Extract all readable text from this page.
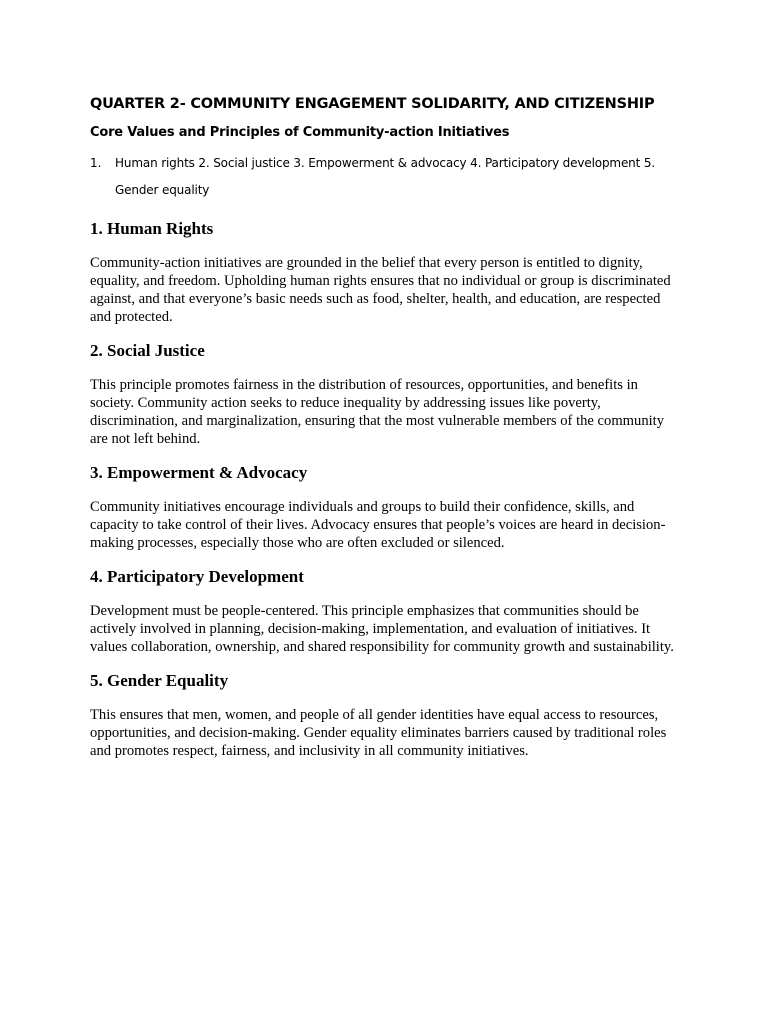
QUARTER 2- COMMUNITY ENGAGEMENT SOLIDARITY, AND CITIZENSHIP
Core Values and Principles of Community-action Initiatives
1.	Human rights 2. Social justice 3. Empowerment & advocacy 4. Participatory development 5. Gender equality
1. Human Rights

Community-action initiatives are grounded in the belief that every person is entitled to dignity, equality, and freedom. Upholding human rights ensures that no individual or group is discriminated against, and that everyone’s basic needs such as food, shelter, health, and education, are respected and protected.

2. Social Justice

This principle promotes fairness in the distribution of resources, opportunities, and benefits in society. Community action seeks to reduce inequality by addressing issues like poverty, discrimination, and marginalization, ensuring that the most vulnerable members of the community are not left behind.

3. Empowerment & Advocacy

Community initiatives encourage individuals and groups to build their confidence, skills, and capacity to take control of their lives. Advocacy ensures that people’s voices are heard in decision-making processes, especially those who are often excluded or silenced.

4. Participatory Development

Development must be people-centered. This principle emphasizes that communities should be actively involved in planning, decision-making, implementation, and evaluation of initiatives. It values collaboration, ownership, and shared responsibility for community growth and sustainability.

5. Gender Equality

This ensures that men, women, and people of all gender identities have equal access to resources, opportunities, and decision-making. Gender equality eliminates barriers caused by traditional roles and promotes respect, fairness, and inclusivity in all community initiatives.
